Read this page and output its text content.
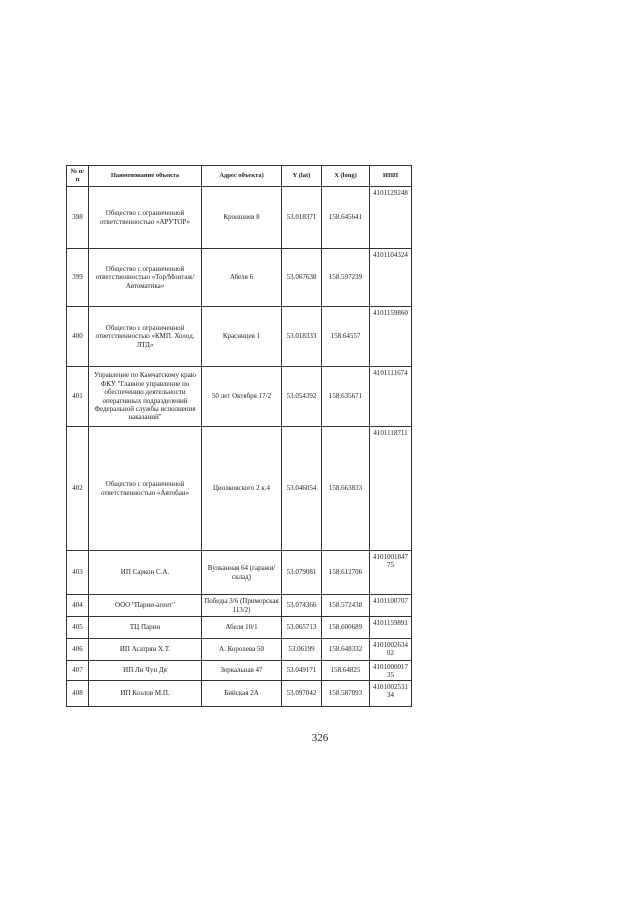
№ п/п	Наименование объекта	Адрес объекта)	Y (lat)	X (long)	ИНН
398	Общество с ограниченной ответственностью «АРУТОР»	Кроншнев 8	53.018371	158.645641	4101129248
399	Общество с ограниченной ответственностью «Тор/Монтаж/Автоматика»	Абеля 6	53.067638	158.597239	4101104324
400	Общество с ограниченной ответственностью «КМП. Холод. ЛТД»	Красинцев 1	53.018333	158.64557	4101159860
401	Управление по Камчатскому краю ФКУ "Главное управление по обеспечению деятельности оперативных подразделений Федеральной службы исполнения наказаний"	50 лет Октября 17/2	53.054392	158.635671	4101111674
402	Общество с ограниченной ответственностью «Автобан»	Циолковского 2 к.4	53.046054	158.663833	4101118711
403	ИП Саркон С.А.	Вулканная 64 (гаражи/склад)	53.079081	158.612706	4101001847 75
404	ООО "Парии-агент"	Победы 3/6 (Приморская 113/2)	53.074366	158.572438	4101100707
405	ТЦ Парин	Абеля 10/1	53.065713	158.600689	4101159891
406	ИП Асатрян Х.Т.	А. Королева 50	53.06199	158.648332	4101002634 02
407	ИП Ли Чун Дя	Зеркальная 47	53.049171	158.64825	4101000017 35
408	ИП Козлов М.П.	Бийская 2А	53.097042	158.587093	4101002531 34
326
